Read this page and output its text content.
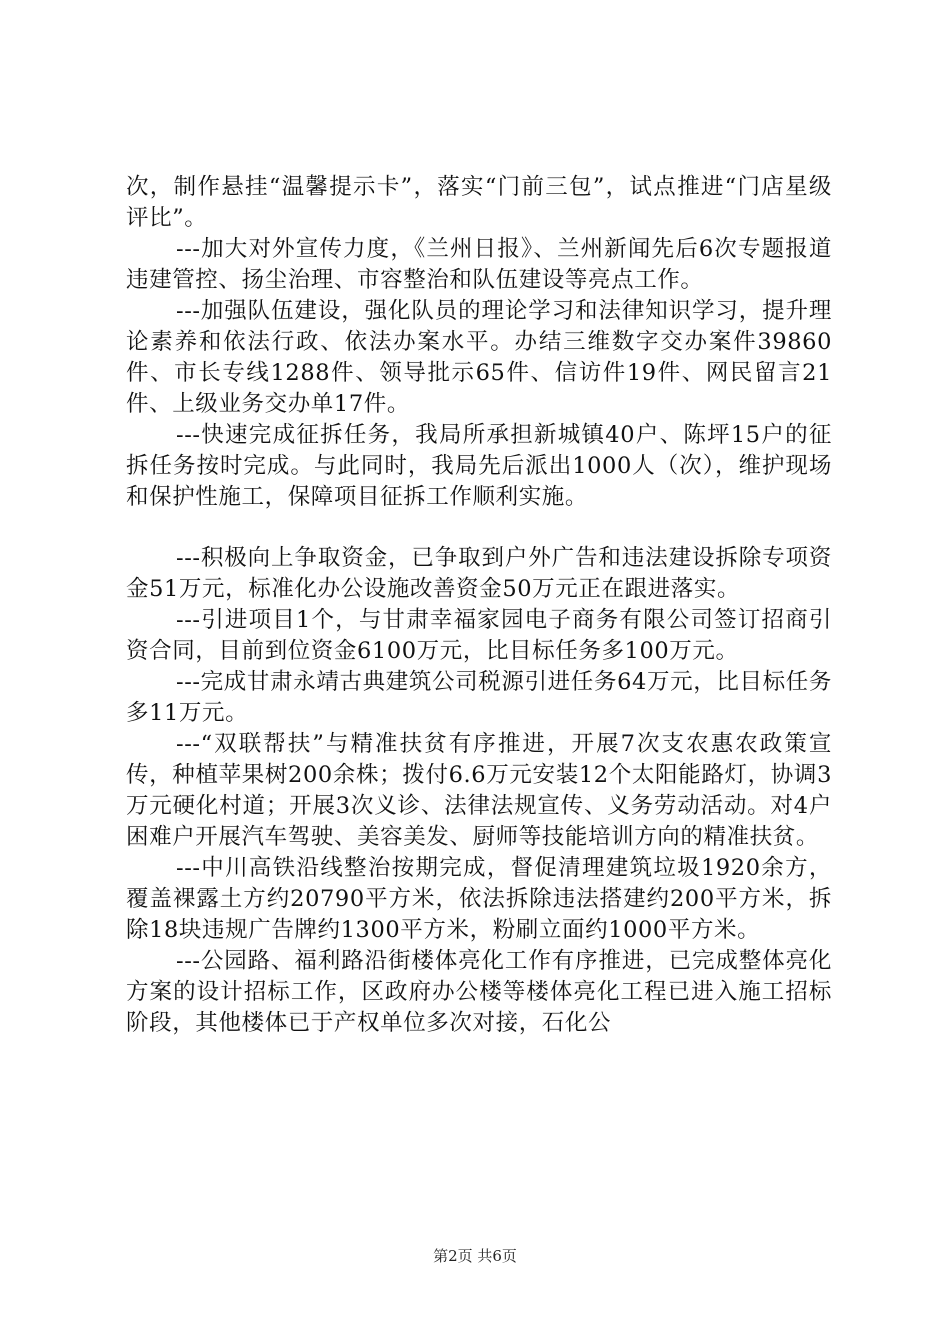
次，制作悬挂“温馨提示卡”，落实“门前三包”，试点推进“门店星级评比”。

---加大对外宣传力度，《兰州日报》、兰州新闻先后6次专题报道违建管控、扬尘治理、市容整治和队伍建设等亮点工作。

---加强队伍建设，强化队员的理论学习和法律知识学习，提升理论素养和依法行政、依法办案水平。办结三维数字交办案件39860件、市长专线1288件、领导批示65件、信访件19件、网民留言21件、上级业务交办单17件。

---快速完成征拆任务，我局所承担新城镇40户、陈坪15户的征拆任务按时完成。与此同时，我局先后派出1000人（次），维护现场和保护性施工，保障项目征拆工作顺利实施。

---积极向上争取资金，已争取到户外广告和违法建设拆除专项资金51万元，标准化办公设施改善资金50万元正在跟进落实。

---引进项目1个，与甘肃幸福家园电子商务有限公司签订招商引资合同，目前到位资金6100万元，比目标任务多100万元。

---完成甘肃永靖古典建筑公司税源引进任务64万元，比目标任务多11万元。

---“双联帮扶”与精准扶贫有序推进，开展7次支农惠农政策宣传，种植苹果树200余株；拨付6.6万元安装12个太阳能路灯，协调3万元硬化村道；开展3次义诊、法律法规宣传、义务劳动活动。对4户困难户开展汽车驾驶、美容美发、厨师等技能培训方向的精准扶贫。

---中川高铁沿线整治按期完成，督促清理建筑垃圾1920余方，覆盖裸露土方约20790平方米，依法拆除违法搭建约200平方米，拆除18块违规广告牌约1300平方米，粉刷立面约1000平方米。

---公园路、福利路沿街楼体亮化工作有序推进，已完成整体亮化方案的设计招标工作，区政府办公楼等楼体亮化工程已进入施工招标阶段，其他楼体已于产权单位多次对接，石化公

第2页 共6页
